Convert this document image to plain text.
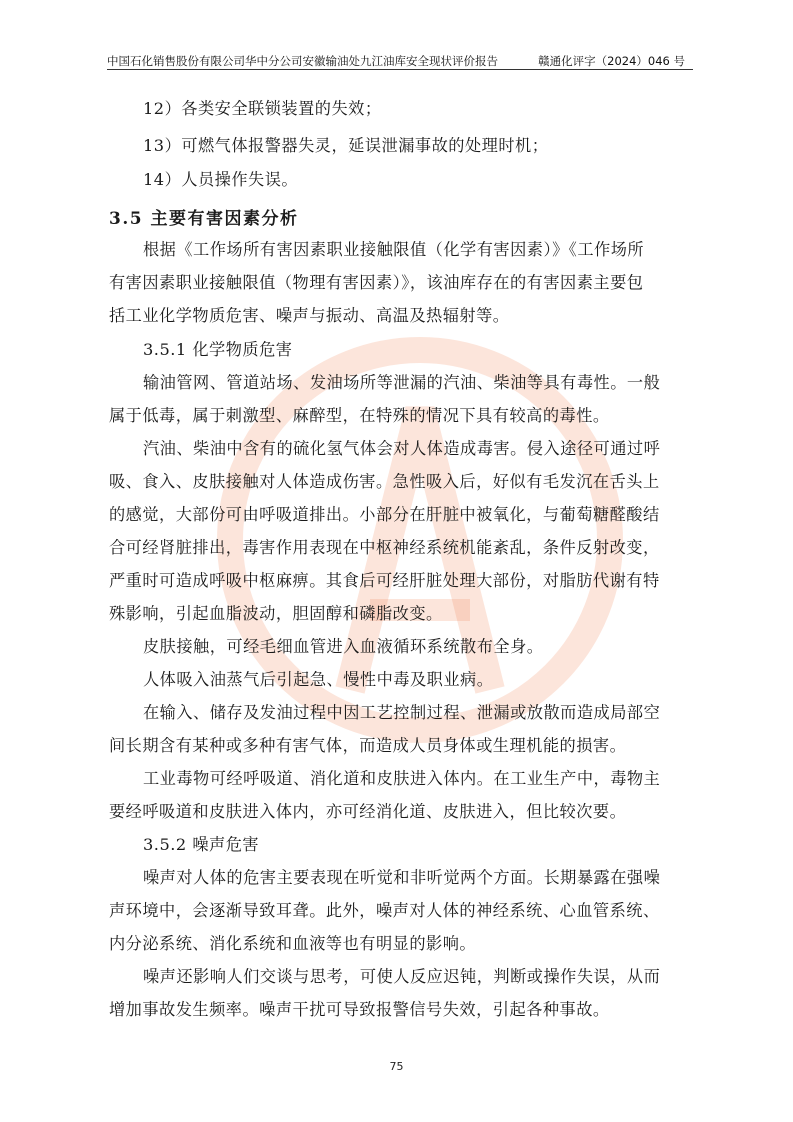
中国石化销售股份有限公司华中分公司安徽输油处九江油库安全现状评价报告	赣通化评字（2024）046 号
12）各类安全联锁装置的失效；
13）可燃气体报警器失灵，延误泄漏事故的处理时机；
14）人员操作失误。
3.5 主要有害因素分析
根据《工作场所有害因素职业接触限值（化学有害因素）》《工作场所
有害因素职业接触限值（物理有害因素）》，该油库存在的有害因素主要包
括工业化学物质危害、噪声与振动、高温及热辐射等。
3.5.1 化学物质危害
输油管网、管道站场、发油场所等泄漏的汽油、柴油等具有毒性。一般
属于低毒，属于刺激型、麻醉型，在特殊的情况下具有较高的毒性。
汽油、柴油中含有的硫化氢气体会对人体造成毒害。侵入途径可通过呼
吸、食入、皮肤接触对人体造成伤害。急性吸入后，好似有毛发沉在舌头上
的感觉，大部份可由呼吸道排出。小部分在肝脏中被氧化，与葡萄糖醛酸结
合可经肾脏排出，毒害作用表现在中枢神经系统机能紊乱，条件反射改变，
严重时可造成呼吸中枢麻痹。其食后可经肝脏处理大部份，对脂肪代谢有特
殊影响，引起血脂波动，胆固醇和磷脂改变。
皮肤接触，可经毛细血管进入血液循环系统散布全身。
人体吸入油蒸气后引起急、慢性中毒及职业病。
在输入、储存及发油过程中因工艺控制过程、泄漏或放散而造成局部空
间长期含有某种或多种有害气体，而造成人员身体或生理机能的损害。
工业毒物可经呼吸道、消化道和皮肤进入体内。在工业生产中，毒物主
要经呼吸道和皮肤进入体内，亦可经消化道、皮肤进入，但比较次要。
3.5.2 噪声危害
噪声对人体的危害主要表现在听觉和非听觉两个方面。长期暴露在强噪
声环境中，会逐渐导致耳聋。此外，噪声对人体的神经系统、心血管系统、
内分泌系统、消化系统和血液等也有明显的影响。
噪声还影响人们交谈与思考，可使人反应迟钝，判断或操作失误，从而
增加事故发生频率。噪声干扰可导致报警信号失效，引起各种事故。
75
